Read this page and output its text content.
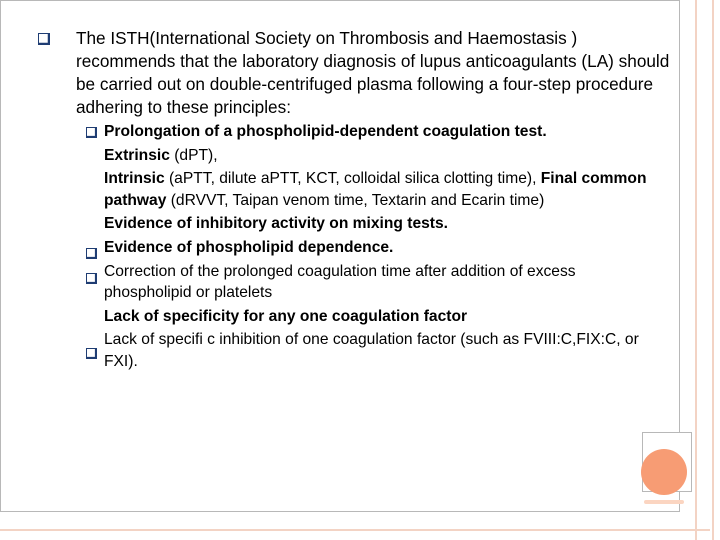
The ISTH(International Society on Thrombosis and Haemostasis ) recommends that the laboratory diagnosis of lupus anticoagulants (LA) should be carried out on double-centrifuged plasma following a four-step procedure adhering to these principles:

Prolongation of a phospholipid-dependent coagulation test.

Extrinsic (dPT),

Intrinsic (aPTT, dilute aPTT, KCT, colloidal silica clotting time), Final common pathway (dRVVT, Taipan venom time, Textarin and Ecarin time)

Evidence of inhibitory activity on mixing tests.

Evidence of phospholipid dependence.

Correction of the prolonged coagulation time after addition of excess phospholipid or platelets

Lack of specificity for any one coagulation factor

Lack of specifi c inhibition of one coagulation factor (such as FVIII:C,FIX:C, or FXI).
